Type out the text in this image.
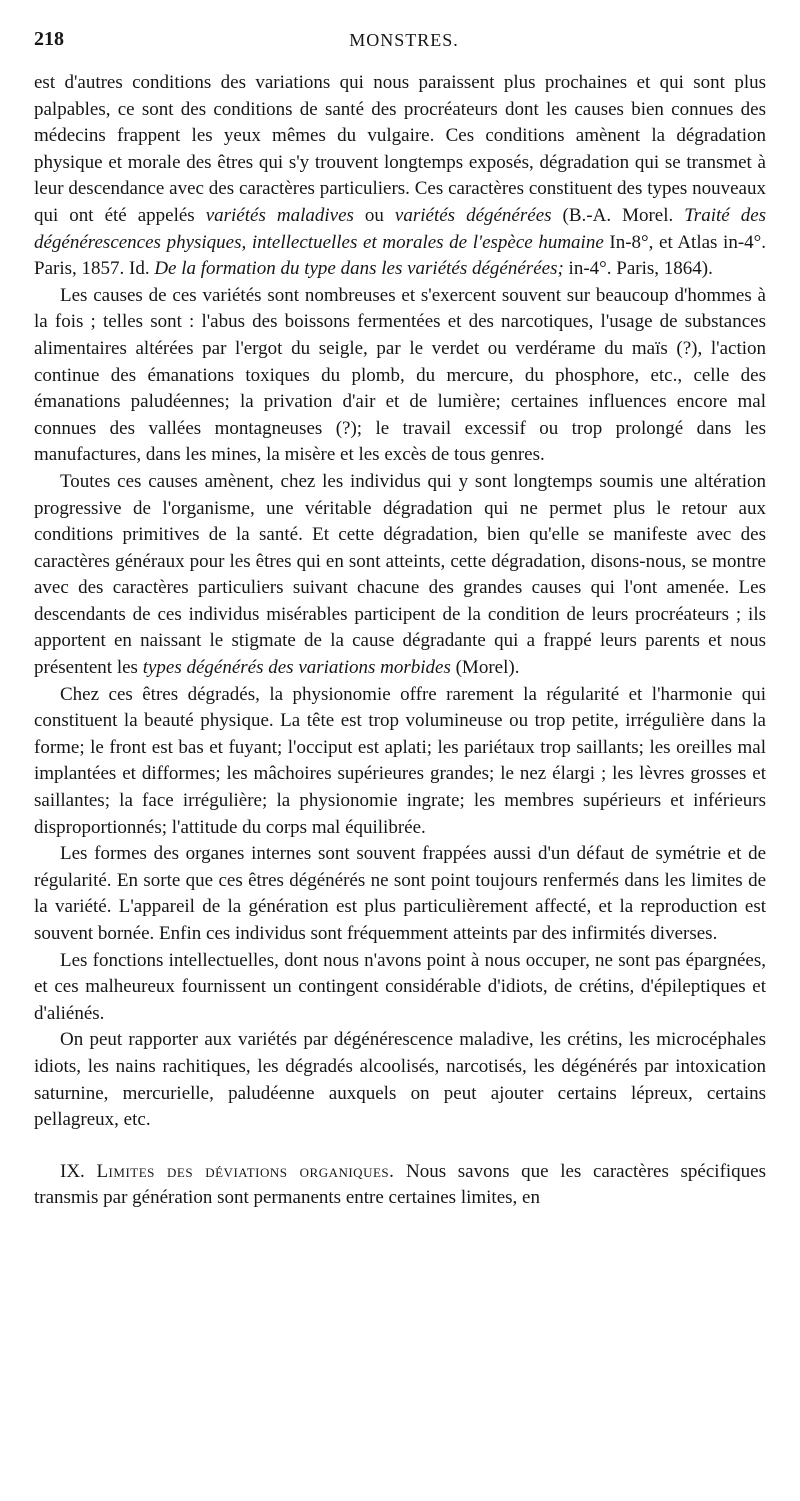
218	MONSTRES.

est d'autres conditions des variations qui nous paraissent plus prochaines et qui sont plus palpables, ce sont des conditions de santé des procréateurs dont les causes bien connues des médecins frappent les yeux mêmes du vulgaire. Ces conditions amènent la dégradation physique et morale des êtres qui s'y trouvent longtemps exposés, dégradation qui se transmet à leur descendance avec des caractères particuliers. Ces caractères constituent des types nouveaux qui ont été appelés variétés maladives ou variétés dégénérées (B.-A. Morel. Traité des dégénérescences physiques, intellectuelles et morales de l'espèce humaine In-8°, et Atlas in-4°. Paris, 1857. Id. De la formation du type dans les variétés dégénérées; in-4°. Paris, 1864).

Les causes de ces variétés sont nombreuses et s'exercent souvent sur beaucoup d'hommes à la fois ; telles sont : l'abus des boissons fermentées et des narcotiques, l'usage de substances alimentaires altérées par l'ergot du seigle, par le verdet ou verdérame du maïs (?), l'action continue des émanations toxiques du plomb, du mercure, du phosphore, etc., celle des émanations paludéennes; la privation d'air et de lumière; certaines influences encore mal connues des vallées montagneuses (?); le travail excessif ou trop prolongé dans les manufactures, dans les mines, la misère et les excès de tous genres.

Toutes ces causes amènent, chez les individus qui y sont longtemps soumis une altération progressive de l'organisme, une véritable dégradation qui ne permet plus le retour aux conditions primitives de la santé. Et cette dégradation, bien qu'elle se manifeste avec des caractères généraux pour les êtres qui en sont atteints, cette dégradation, disons-nous, se montre avec des caractères particuliers suivant chacune des grandes causes qui l'ont amenée. Les descendants de ces individus misérables participent de la condition de leurs procréateurs ; ils apportent en naissant le stigmate de la cause dégradante qui a frappé leurs parents et nous présentent les types dégénérés des variations morbides (Morel).

Chez ces êtres dégradés, la physionomie offre rarement la régularité et l'harmonie qui constituent la beauté physique. La tête est trop volumineuse ou trop petite, irrégulière dans la forme; le front est bas et fuyant; l'occiput est aplati; les pariétaux trop saillants; les oreilles mal implantées et difformes; les mâchoires supérieures grandes; le nez élargi ; les lèvres grosses et saillantes; la face irrégulière; la physionomie ingrate; les membres supérieurs et inférieurs disproportionnés; l'attitude du corps mal équilibrée.

Les formes des organes internes sont souvent frappées aussi d'un défaut de symétrie et de régularité. En sorte que ces êtres dégénérés ne sont point toujours renfermés dans les limites de la variété. L'appareil de la génération est plus particulièrement affecté, et la reproduction est souvent bornée. Enfin ces individus sont fréquemment atteints par des infirmités diverses.

Les fonctions intellectuelles, dont nous n'avons point à nous occuper, ne sont pas épargnées, et ces malheureux fournissent un contingent considérable d'idiots, de crétins, d'épileptiques et d'aliénés.

On peut rapporter aux variétés par dégénérescence maladive, les crétins, les microcéphales idiots, les nains rachitiques, les dégradés alcoolisés, narcotisés, les dégénérés par intoxication saturnine, mercurielle, paludéenne auxquels on peut ajouter certains lépreux, certains pellagreux, etc.

IX. Limites des déviations organiques. Nous savons que les caractères spécifiques transmis par génération sont permanents entre certaines limites, en
